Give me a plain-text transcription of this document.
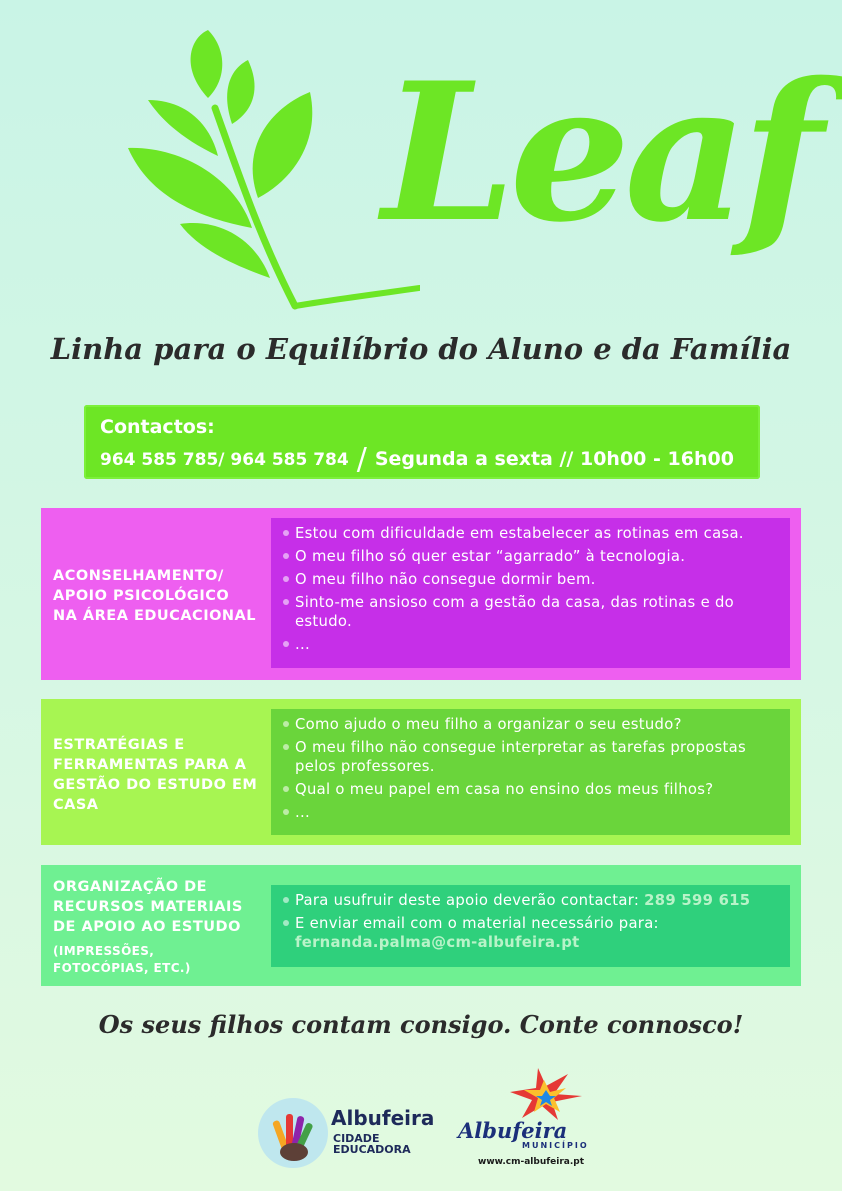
Leaf
Linha para o Equilíbrio do Aluno e da Família
Contactos:
964 585 785/ 964 585 784 / Segunda a sexta // 10h00 - 16h00
ACONSELHAMENTO/
APOIO PSICOLÓGICO
NA ÁREA EDUCACIONAL
Estou com dificuldade em estabelecer as rotinas em casa.
O meu filho só quer estar “agarrado” à tecnologia.
O meu filho não consegue dormir bem.
Sinto-me ansioso com a gestão da casa, das rotinas e do estudo.
...
ESTRATÉGIAS E
FERRAMENTAS PARA A
GESTÃO DO ESTUDO EM
CASA
Como ajudo o meu filho a organizar o seu estudo?
O meu filho não consegue interpretar as tarefas propostas pelos professores.
Qual o meu papel em casa no ensino dos meus filhos?
...
ORGANIZAÇÃO DE
RECURSOS MATERIAIS
DE APOIO AO ESTUDO
(IMPRESSÕES,
FOTOCÓPIAS, ETC.)
Para usufruir deste apoio deverão contactar: 289 599 615
E enviar email com o material necessário para:
fernanda.palma@cm-albufeira.pt
Os seus filhos contam consigo. Conte connosco!
Albufeira
CIDADE
EDUCADORA
Albufeira
MUNICÍPIO
www.cm-albufeira.pt
